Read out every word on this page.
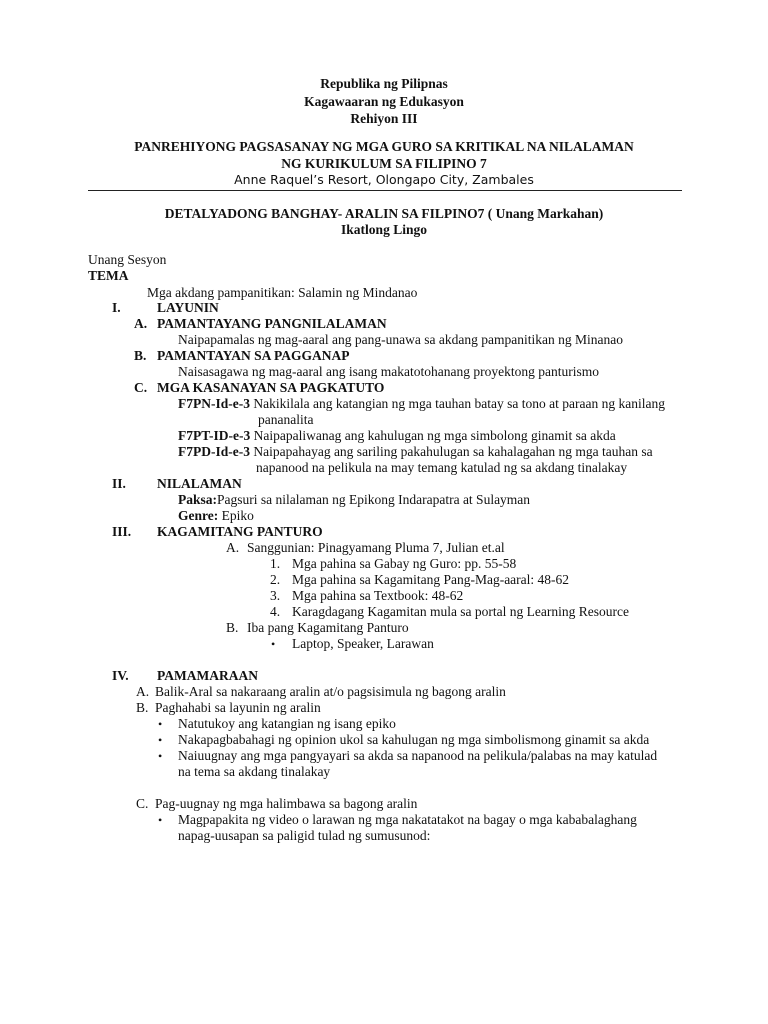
Republika ng Pilipnas
Kagawaaran ng Edukasyon
Rehiyon III
PANREHIYONG PAGSASANAY NG MGA GURO SA KRITIKAL NA NILALAMAN
NG KURIKULUM SA FILIPINO 7
Anne Raquel’s Resort, Olongapo City, Zambales
DETALYADONG BANGHAY- ARALIN SA FILPINO7 ( Unang Markahan)
Ikatlong Lingo
Unang Sesyon
TEMA
Mga akdang pampanitikan: Salamin ng Mindanao
I.	LAYUNIN
A. PAMANTAYANG PANGNILALAMAN
Naipapamalas ng mag-aaral ang pang-unawa sa akdang pampanitikan ng Minanao
B. PAMANTAYAN SA PAGGANAP
Naisasagawa ng mag-aaral ang isang makatotohanang proyektong panturismo
C. MGA KASANAYAN SA PAGKATUTO
F7PN-Id-e-3 Nakikilala ang katangian ng mga tauhan batay sa tono at paraan ng kanilang
pananalita
F7PT-ID-e-3 Naipapaliwanag ang kahulugan ng mga simbolong ginamit sa akda
F7PD-Id-e-3 Naipapahayag ang sariling pakahulugan sa kahalagahan ng mga tauhan sa
napanood na pelikula na may temang katulad ng sa akdang tinalakay
II. NILALAMAN
Paksa:Pagsuri sa nilalaman ng Epikong Indarapatra at Sulayman
Genre: Epiko
III. KAGAMITANG PANTURO
A. Sanggunian: Pinagyamang Pluma 7, Julian et.al
1. Mga pahina sa Gabay ng Guro: pp. 55-58
2. Mga pahina sa Kagamitang Pang-Mag-aaral: 48-62
3. Mga pahina sa Textbook: 48-62
4. Karagdagang Kagamitan mula sa portal ng Learning Resource
B. Iba pang Kagamitang Panturo
• Laptop, Speaker, Larawan
IV. PAMAMARAAN
A. Balik-Aral sa nakaraang aralin at/o pagsisimula ng bagong aralin
B. Paghahabi sa layunin ng aralin
• Natutukoy ang katangian ng isang epiko
• Nakapagbabahagi ng opinion ukol sa kahulugan ng mga simbolismong ginamit sa akda
• Naiuugnay ang mga pangyayari sa akda sa napanood na pelikula/palabas na may katulad
na tema sa akdang tinalakay
C. Pag-uugnay ng mga halimbawa sa bagong aralin
• Magpapakita ng video o larawan ng mga nakatatakot na bagay o mga kababalaghang
napag-uusapan sa paligid tulad ng sumusunod:
